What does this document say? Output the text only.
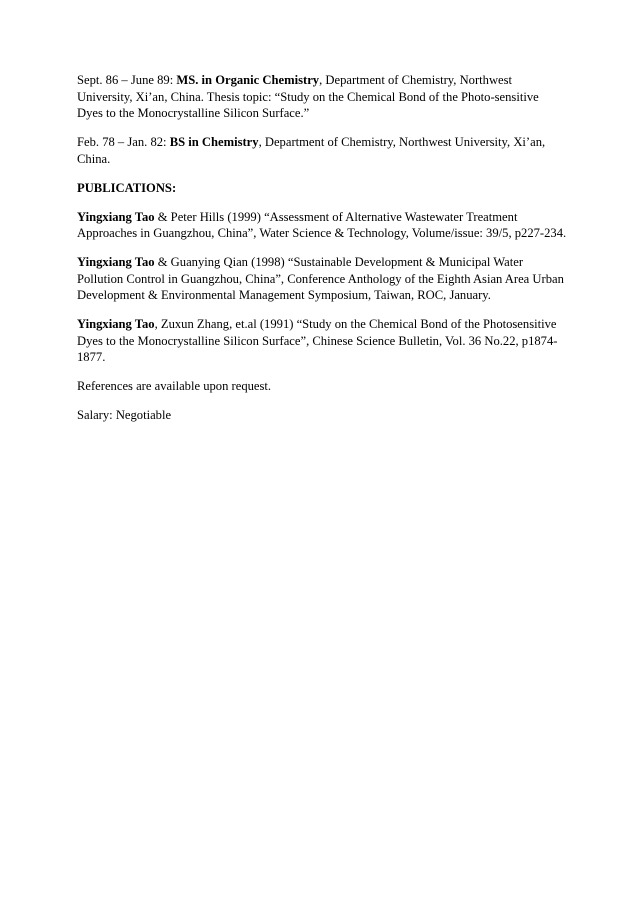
Sept. 86 – June 89: MS. in Organic Chemistry, Department of Chemistry, Northwest University, Xi’an, China. Thesis topic: “Study on the Chemical Bond of the Photo-sensitive Dyes to the Monocrystalline Silicon Surface.”

Feb. 78 – Jan. 82: BS in Chemistry, Department of Chemistry, Northwest University, Xi’an, China.

PUBLICATIONS:

Yingxiang Tao & Peter Hills (1999) “Assessment of Alternative Wastewater Treatment Approaches in Guangzhou, China”, Water Science & Technology, Volume/issue: 39/5, p227-234.

Yingxiang Tao & Guanying Qian (1998) “Sustainable Development & Municipal Water Pollution Control in Guangzhou, China”, Conference Anthology of the Eighth Asian Area Urban Development & Environmental Management Symposium, Taiwan, ROC, January.

Yingxiang Tao, Zuxun Zhang, et.al (1991) “Study on the Chemical Bond of the Photosensitive Dyes to the Monocrystalline Silicon Surface”, Chinese Science Bulletin, Vol. 36 No.22, p1874-1877.

References are available upon request.

Salary: Negotiable
